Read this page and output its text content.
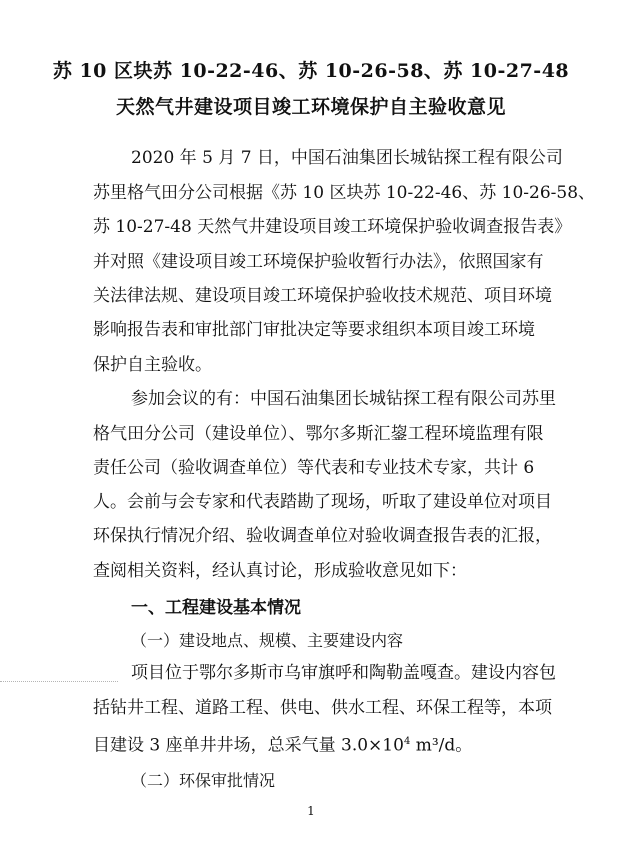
苏 10 区块苏 10-22-46、苏 10-26-58、苏 10-27-48
天然气井建设项目竣工环境保护自主验收意见
2020 年 5 月 7 日，中国石油集团长城钻探工程有限公司
苏里格气田分公司根据《苏 10 区块苏 10-22-46、苏 10-26-58、
苏 10-27-48 天然气井建设项目竣工环境保护验收调查报告表》
并对照《建设项目竣工环境保护验收暂行办法》，依照国家有
关法律法规、建设项目竣工环境保护验收技术规范、项目环境
影响报告表和审批部门审批决定等要求组织本项目竣工环境
保护自主验收。
参加会议的有：中国石油集团长城钻探工程有限公司苏里
格气田分公司（建设单位）、鄂尔多斯汇鋆工程环境监理有限
责任公司（验收调查单位）等代表和专业技术专家，共计 6
人。会前与会专家和代表踏勘了现场，听取了建设单位对项目
环保执行情况介绍、验收调查单位对验收调查报告表的汇报，
查阅相关资料，经认真讨论，形成验收意见如下：
一、工程建设基本情况
（一）建设地点、规模、主要建设内容
项目位于鄂尔多斯市乌审旗呼和陶勒盖嘎查。建设内容包
括钻井工程、道路工程、供电、供水工程、环保工程等，本项
目建设 3 座单井井场，总采气量 $3.0\times 10^4$ m³/d。
（二）环保审批情况
1
